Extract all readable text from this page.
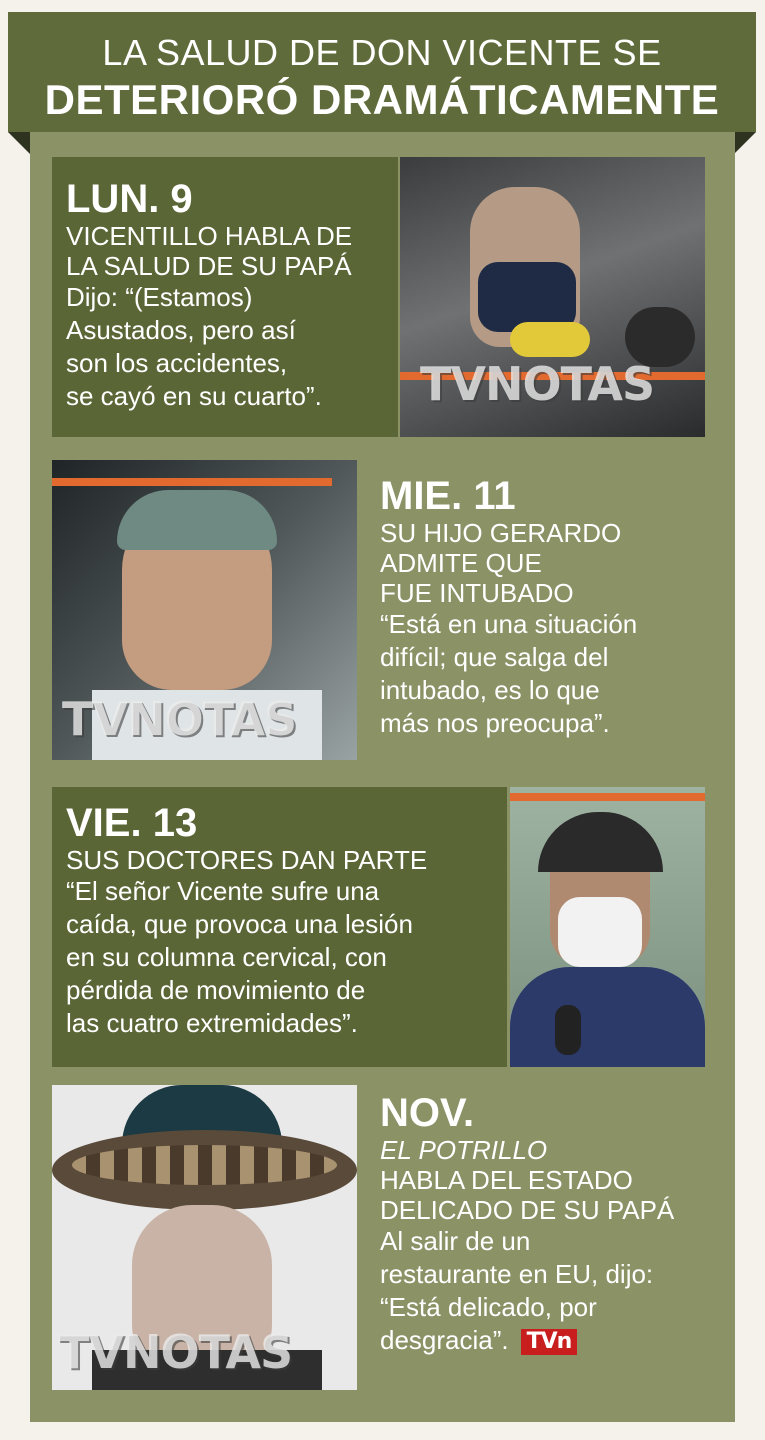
LA SALUD DE DON VICENTE SE
DETERIORÓ DRAMÁTICAMENTE
LUN. 9
VICENTILLO HABLA DE
LA SALUD DE SU PAPÁ
Dijo: “(Estamos)
Asustados, pero así
son los accidentes,
se cayó en su cuarto”.	TVNOTAS
TVNOTAS
MIE. 11
SU HIJO GERARDO
ADMITE QUE
FUE INTUBADO
“Está en una situación
difícil; que salga del
intubado, es lo que
más nos preocupa”.
VIE. 13
SUS DOCTORES DAN PARTE
“El señor Vicente sufre una
caída, que provoca una lesión
en su columna cervical, con
pérdida de movimiento de
las cuatro extremidades”.
TVNOTAS
NOV.
EL POTRILLO
HABLA DEL ESTADO
DELICADO DE SU PAPÁ
Al salir de un
restaurante en EU, dijo:
“Está delicado, por
desgracia”. TVn
